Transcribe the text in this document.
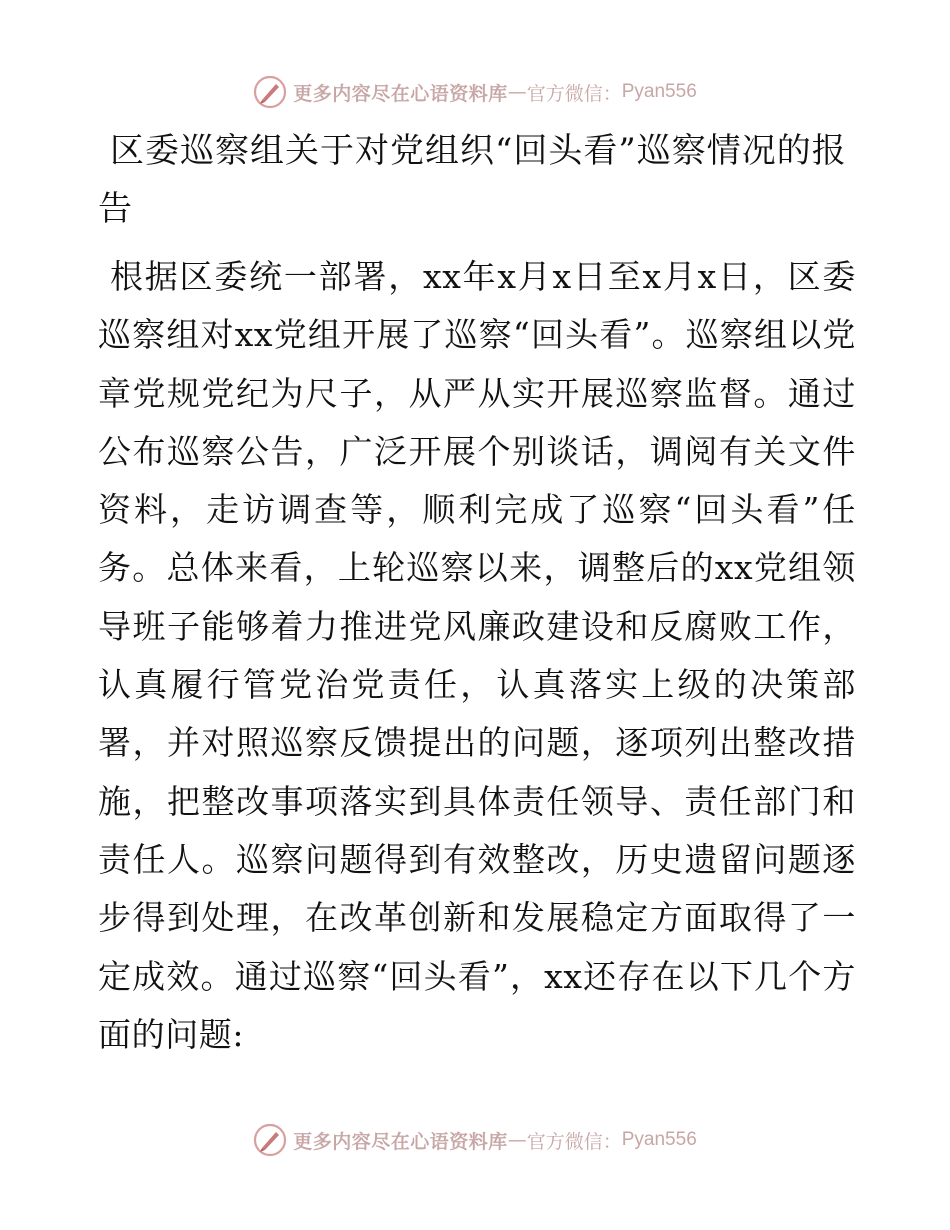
更多内容尽在心语资料库 — 官方微信： Pyan556
区委巡察组关于对党组织“回头看”巡察情况的报告

根据区委统一部署，xx年x月x日至x月x日，区委巡察组对xx党组开展了巡察“回头看”。巡察组以党章党规党纪为尺子，从严从实开展巡察监督。通过公布巡察公告，广泛开展个别谈话，调阅有关文件资料，走访调查等，顺利完成了巡察“回头看”任务。总体来看，上轮巡察以来，调整后的xx党组领导班子能够着力推进党风廉政建设和反腐败工作，认真履行管党治党责任，认真落实上级的决策部署，并对照巡察反馈提出的问题，逐项列出整改措施，把整改事项落实到具体责任领导、责任部门和责任人。巡察问题得到有效整改，历史遗留问题逐步得到处理，在改革创新和发展稳定方面取得了一定成效。通过巡察“回头看”，xx还存在以下几个方面的问题:

更多内容尽在心语资料库 — 官方微信： Pyan556
